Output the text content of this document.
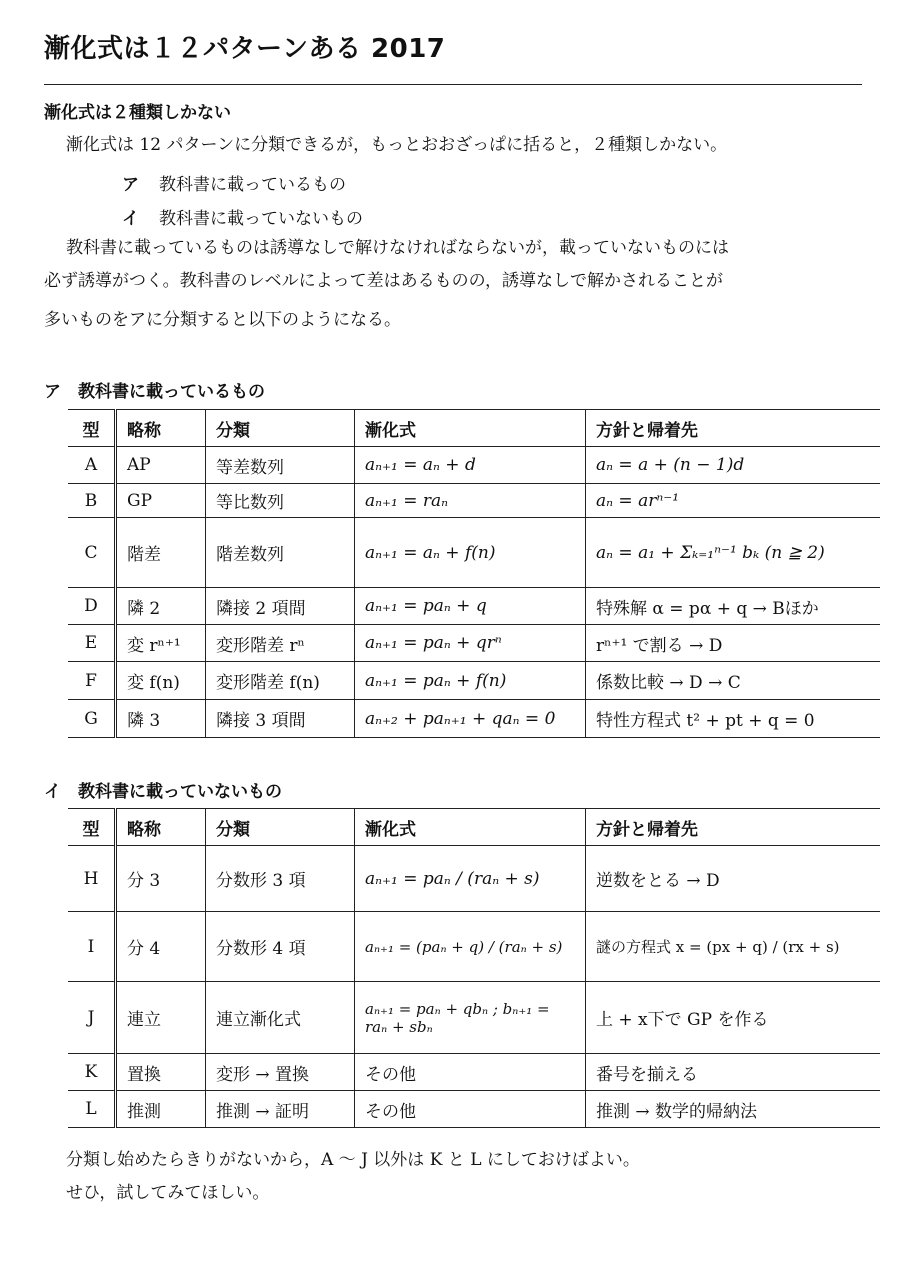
漸化式は１２パターンある 2017
漸化式は２種類しかない
漸化式は 12 パターンに分類できるが，もっとおおざっぱに括ると，２種類しかない。
ア 教科書に載っているもの
イ 教科書に載っていないもの
教科書に載っているものは誘導なしで解けなければならないが，載っていないものには
必ず誘導がつく。教科書のレベルによって差はあるものの，誘導なしで解かされることが
多いものをアに分類すると以下のようになる。
ア　教科書に載っているもの
型	略称	分類	漸化式	方針と帰着先
A	AP	等差数列	aₙ₊₁ = aₙ + d	aₙ = a + (n − 1)d
B	GP	等比数列	aₙ₊₁ = raₙ	aₙ = arⁿ⁻¹
C	階差	階差数列	aₙ₊₁ = aₙ + f(n)	aₙ = a₁ + Σₖ₌₁ⁿ⁻¹ bₖ (n ≧ 2)
D	隣 2	隣接 2 項間	aₙ₊₁ = paₙ + q	特殊解 α = pα + q → Bほか
E	変 rⁿ⁺¹	変形階差 rⁿ	aₙ₊₁ = paₙ + qrⁿ	rⁿ⁺¹ で割る → D
F	変 f(n)	変形階差 f(n)	aₙ₊₁ = paₙ + f(n)	係数比較 → D → C
G	隣 3	隣接 3 項間	aₙ₊₂ + paₙ₊₁ + qaₙ = 0	特性方程式 t² + pt + q = 0
イ　教科書に載っていないもの
型	略称	分類	漸化式	方針と帰着先
H	分 3	分数形 3 項	aₙ₊₁ = paₙ / (raₙ + s)	逆数をとる → D
I	分 4	分数形 4 項	aₙ₊₁ = (paₙ + q) / (raₙ + s)	謎の方程式 x = (px + q) / (rx + s)
J	連立	連立漸化式	aₙ₊₁ = paₙ + qbₙ ; bₙ₊₁ = raₙ + sbₙ	上 + x下で GP を作る
K	置換	変形 → 置換	その他	番号を揃える
L	推測	推測 → 証明	その他	推測 → 数学的帰納法
分類し始めたらきりがないから，A 〜 J 以外は K と L にしておけばよい。
せひ，試してみてほしい。
